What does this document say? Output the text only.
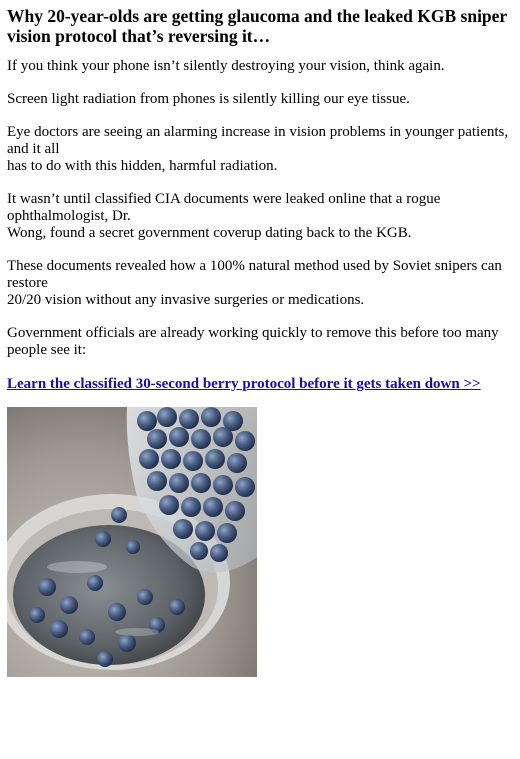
Why 20-year-olds are getting glaucoma and the leaked KGB sniper
vision protocol that’s reversing it…

If you think your phone isn’t silently destroying your vision, think again.

Screen light radiation from phones is silently killing our eye tissue.

Eye doctors are seeing an alarming increase in vision problems in younger patients, and it all
has to do with this hidden, harmful radiation.

It wasn’t until classified CIA documents were leaked online that a rogue ophthalmologist, Dr.
Wong, found a secret government coverup dating back to the KGB.

These documents revealed how a 100% natural method used by Soviet snipers can restore
20/20 vision without any invasive surgeries or medications.

Government officials are already working quickly to remove this before too many people see it:

Learn the classified 30-second berry protocol before it gets taken down >>
